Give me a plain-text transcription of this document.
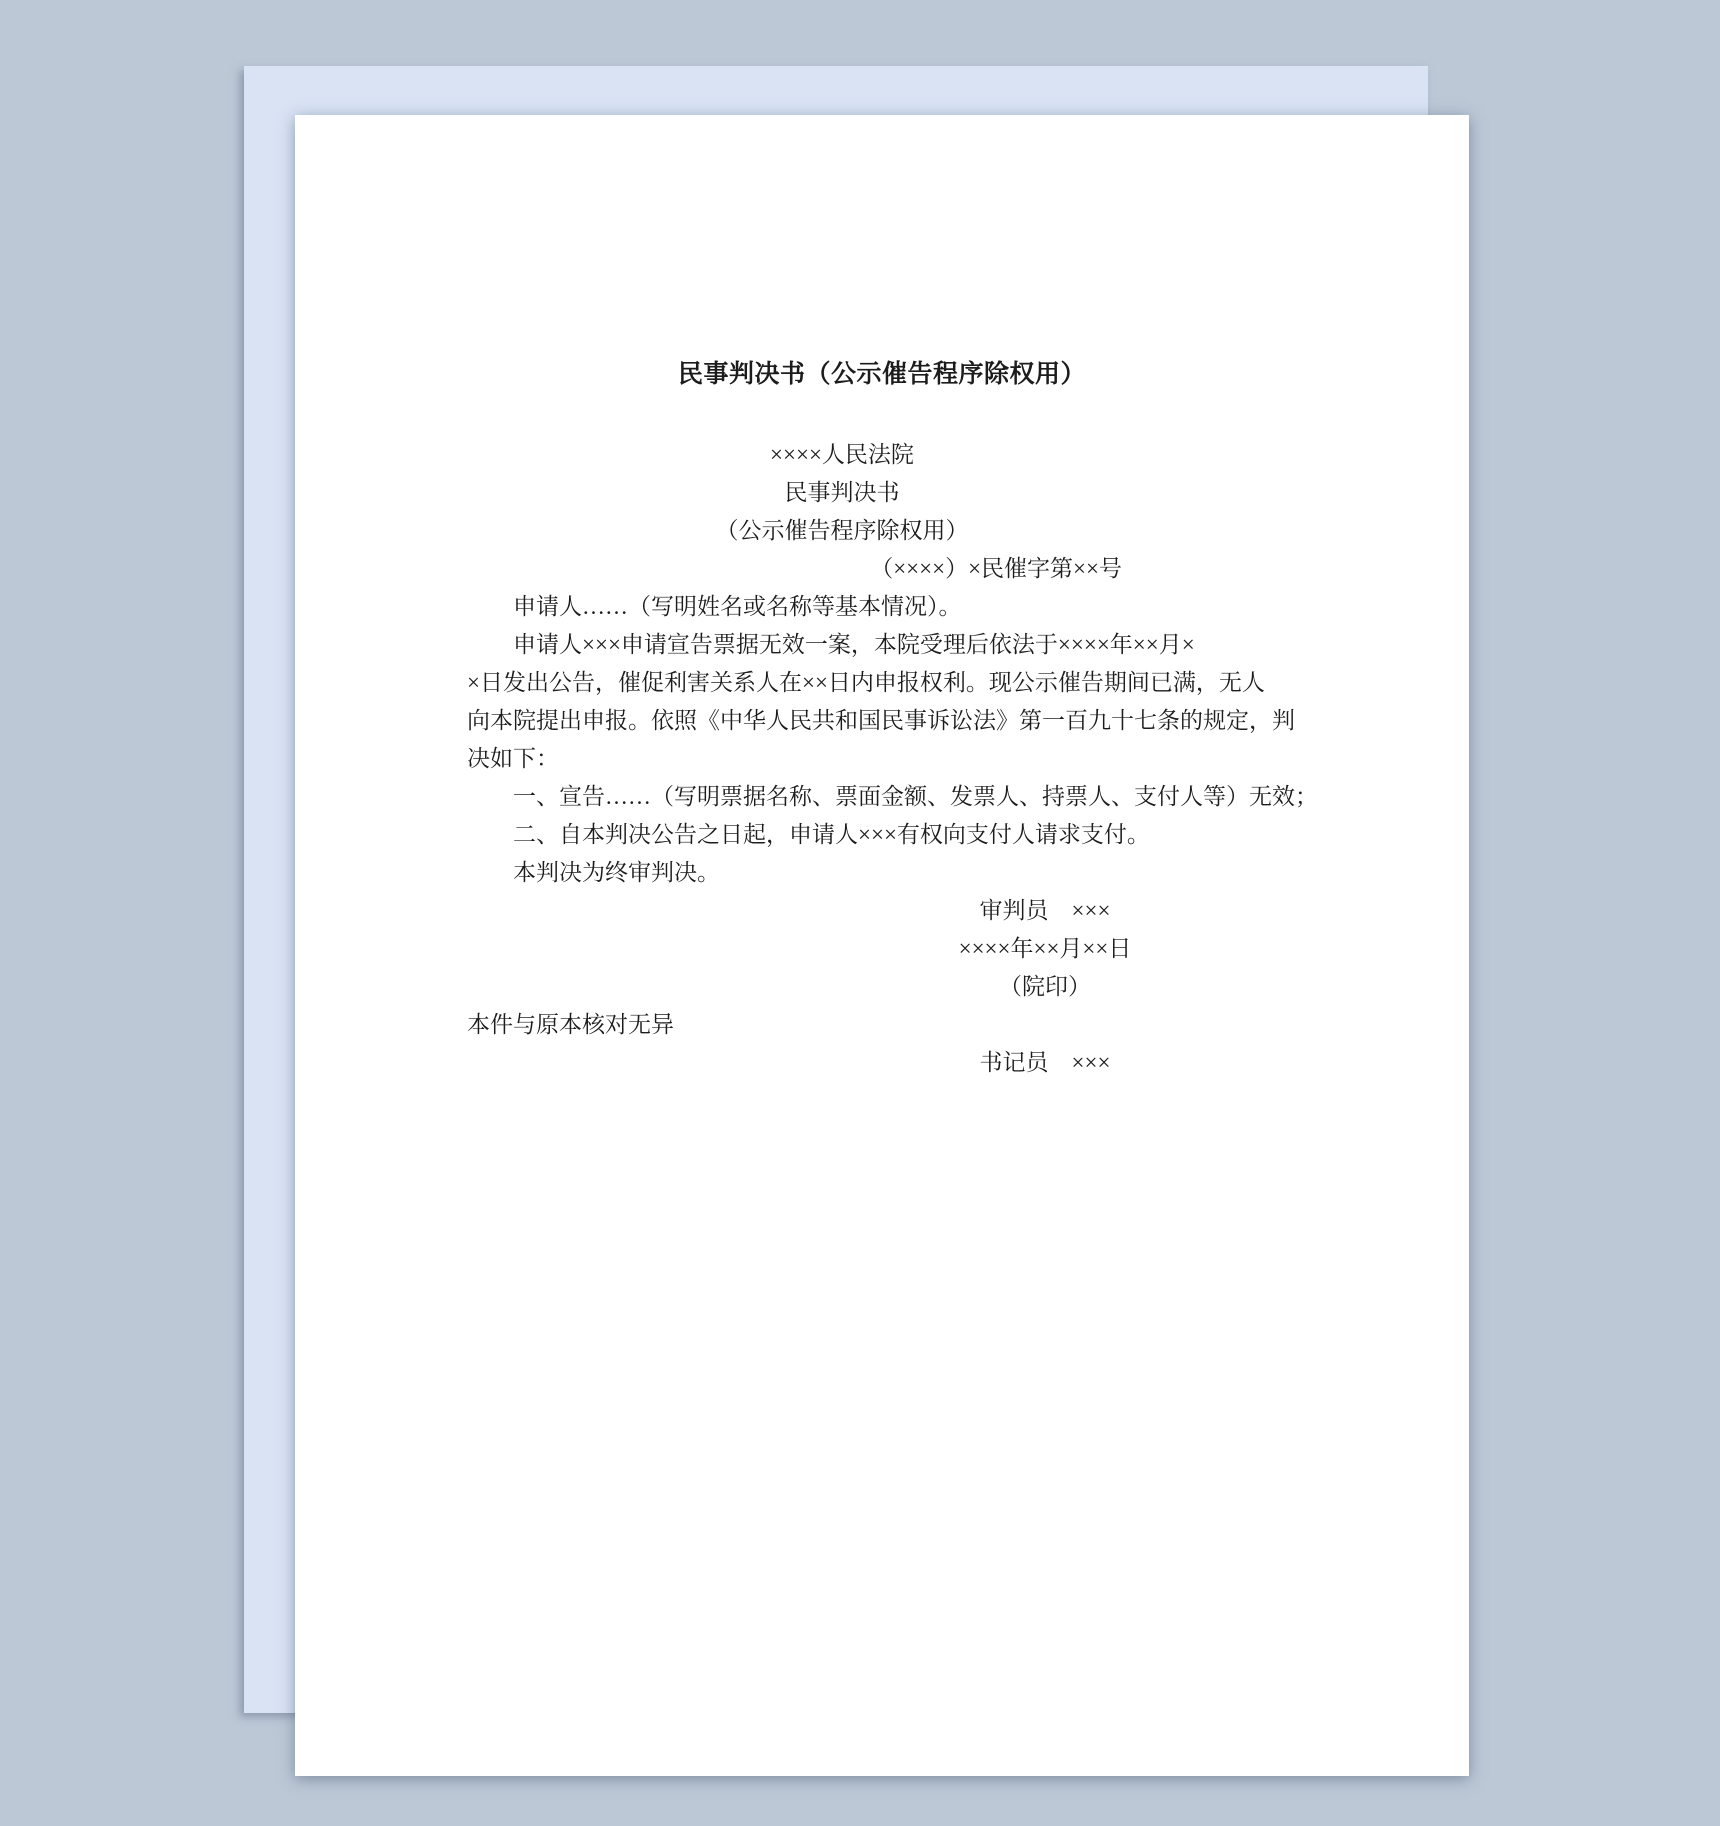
民事判决书（公示催告程序除权用）
××××人民法院
民事判决书
（公示催告程序除权用）
（××××）×民催字第××号
申请人……（写明姓名或名称等基本情况）。
申请人×××申请宣告票据无效一案，本院受理后依法于××××年××月×
×日发出公告，催促利害关系人在××日内申报权利。现公示催告期间已满，无人
向本院提出申报。依照《中华人民共和国民事诉讼法》第一百九十七条的规定，判
决如下：
一、宣告……（写明票据名称、票面金额、发票人、持票人、支付人等）无效；
二、自本判决公告之日起，申请人×××有权向支付人请求支付。
本判决为终审判决。
审判员　×××
××××年××月××日
（院印）
本件与原本核对无异
书记员　×××
